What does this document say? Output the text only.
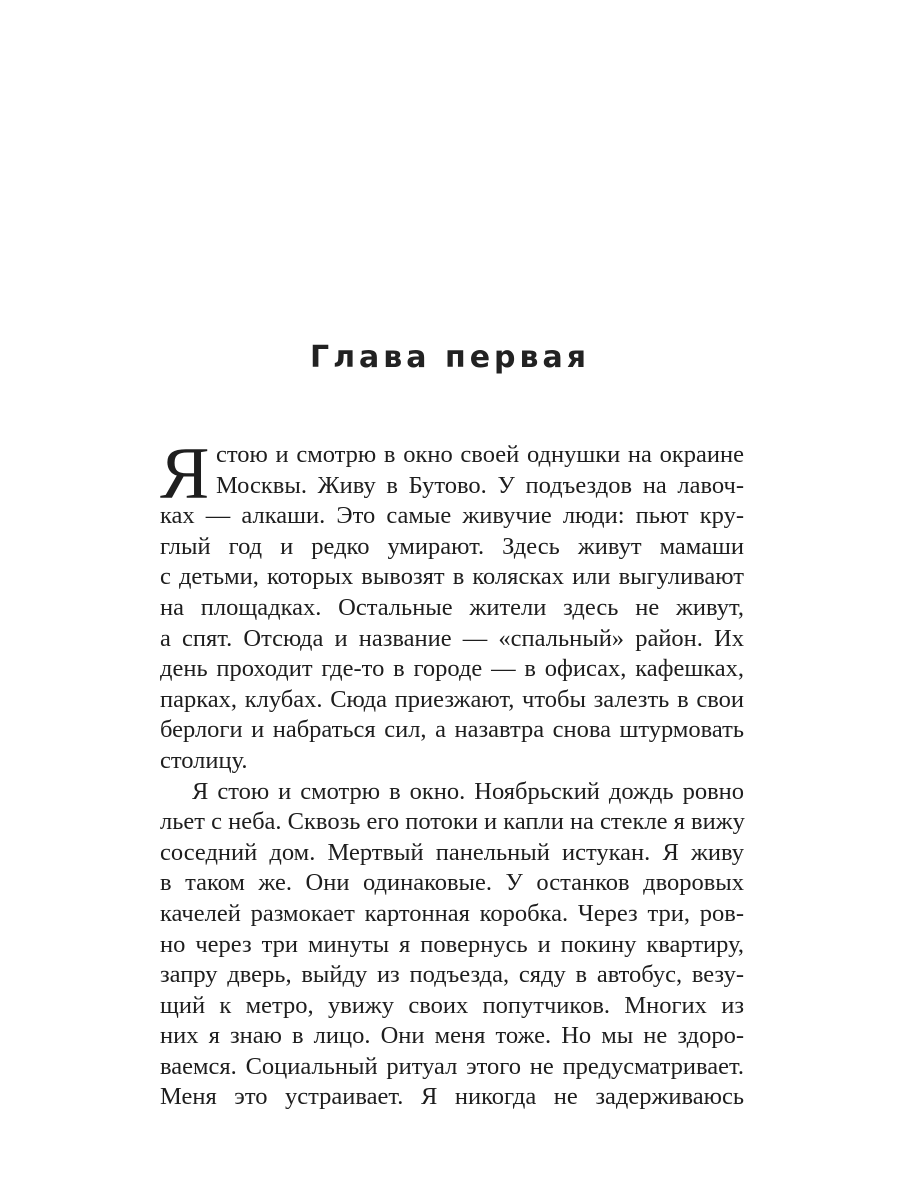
Глава первая
Я стою и смотрю в окно своей однушки на окраине
Москвы. Живу в Бутово. У подъездов на лавоч-
ках — алкаши. Это самые живучие люди: пьют кру-
глый год и редко умирают. Здесь живут мамаши
с детьми, которых вывозят в колясках или выгуливают
на площадках. Остальные жители здесь не живут,
а спят. Отсюда и название — «спальный» район. Их
день проходит где-то в городе — в офисах, кафешках,
парках, клубах. Сюда приезжают, чтобы залезть в свои
берлоги и набраться сил, а назавтра снова штурмовать
столицу.
Я стою и смотрю в окно. Ноябрьский дождь ровно
льет с неба. Сквозь его потоки и капли на стекле я вижу
соседний дом. Мертвый панельный истукан. Я живу
в таком же. Они одинаковые. У останков дворовых
качелей размокает картонная коробка. Через три, ров-
но через три минуты я повернусь и покину квартиру,
запру дверь, выйду из подъезда, сяду в автобус, везу-
щий к метро, увижу своих попутчиков. Многих из
них я знаю в лицо. Они меня тоже. Но мы не здоро-
ваемся. Социальный ритуал этого не предусматривает.
Меня это устраивает. Я никогда не задерживаюсь
